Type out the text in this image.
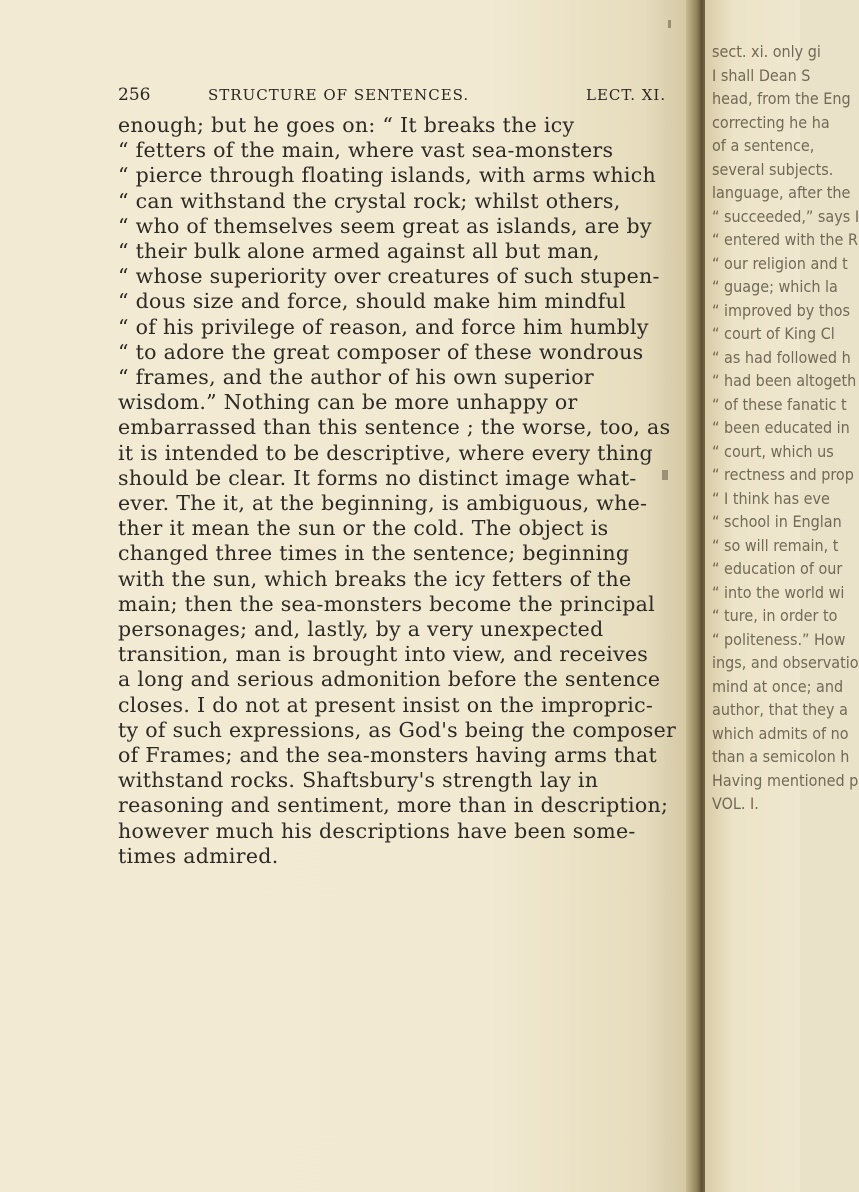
256	STRUCTURE OF SENTENCES.	LECT. XI.
enough; but he goes on: “ It breaks the icy
“ fetters of the main, where vast sea-monsters
“ pierce through floating islands, with arms which
“ can withstand the crystal rock; whilst others,
“ who of themselves seem great as islands, are by
“ their bulk alone armed against all but man,
“ whose superiority over creatures of such stupen-
“ dous size and force, should make him mindful
“ of his privilege of reason, and force him humbly
“ to adore the great composer of these wondrous
“ frames, and the author of his own superior
wisdom.” Nothing can be more unhappy or
embarrassed than this sentence ; the worse, too, as
it is intended to be descriptive, where every thing
should be clear. It forms no distinct image what-
ever. The it, at the beginning, is ambiguous, whe-
ther it mean the sun or the cold. The object is
changed three times in the sentence; beginning
with the sun, which breaks the icy fetters of the
main; then the sea-monsters become the principal
personages; and, lastly, by a very unexpected
transition, man is brought into view, and receives
a long and serious admonition before the sentence
closes. I do not at present insist on the impropric-
ty of such expressions, as God's being the composer
of Frames; and the sea-monsters having arms that
withstand rocks. Shaftsbury's strength lay in
reasoning and sentiment, more than in description;
however much his descriptions have been some-
times admired.
sect. xi. only gi
I shall Dean S
head, from the Eng
correcting he ha
of a sentence,
several subjects.
language, after the
“ succeeded,” says I
“ entered with the R
“ our religion and t
“ guage; which la
“ improved by thos
“ court of King Cl
“ as had followed h
“ had been altogeth
“ of these fanatic t
“ been educated in
“ court, which us
“ rectness and prop
“ I think has eve
“ school in Englan
“ so will remain, t
“ education of our
“ into the world wi
“ ture, in order to
“ politeness.” How
ings, and observatio
mind at once; and
author, that they a
which admits of no
than a semicolon h
Having mentioned p
VOL. I.
